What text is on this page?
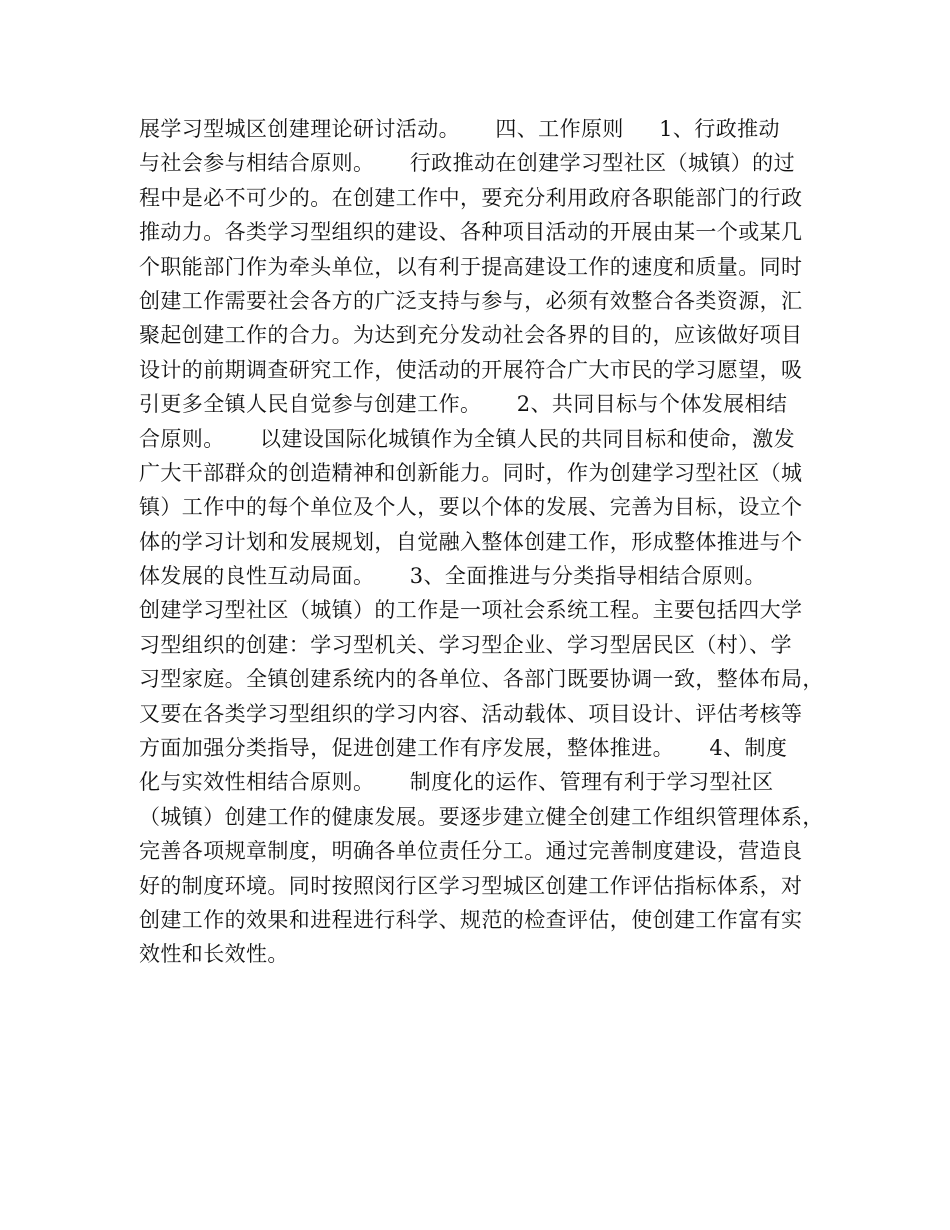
展学习型城区创建理论研讨活动。     四、工作原则     1、行政推动
与社会参与相结合原则。     行政推动在创建学习型社区（城镇）的过
程中是必不可少的。在创建工作中，要充分利用政府各职能部门的行政
推动力。各类学习型组织的建设、各种项目活动的开展由某一个或某几
个职能部门作为牵头单位，以有利于提高建设工作的速度和质量。同时
创建工作需要社会各方的广泛支持与参与，必须有效整合各类资源，汇
聚起创建工作的合力。为达到充分发动社会各界的目的，应该做好项目
设计的前期调查研究工作，使活动的开展符合广大市民的学习愿望，吸
引更多全镇人民自觉参与创建工作。     2、共同目标与个体发展相结
合原则。     以建设国际化城镇作为全镇人民的共同目标和使命，激发
广大干部群众的创造精神和创新能力。同时，作为创建学习型社区（城
镇）工作中的每个单位及个人，要以个体的发展、完善为目标，设立个
体的学习计划和发展规划，自觉融入整体创建工作，形成整体推进与个
体发展的良性互动局面。     3、全面推进与分类指导相结合原则。
创建学习型社区（城镇）的工作是一项社会系统工程。主要包括四大学
习型组织的创建：学习型机关、学习型企业、学习型居民区（村）、学
习型家庭。全镇创建系统内的各单位、各部门既要协调一致，整体布局，
又要在各类学习型组织的学习内容、活动载体、项目设计、评估考核等
方面加强分类指导，促进创建工作有序发展，整体推进。     4、制度
化与实效性相结合原则。     制度化的运作、管理有利于学习型社区
（城镇）创建工作的健康发展。要逐步建立健全创建工作组织管理体系，
完善各项规章制度，明确各单位责任分工。通过完善制度建设，营造良
好的制度环境。同时按照闵行区学习型城区创建工作评估指标体系，对
创建工作的效果和进程进行科学、规范的检查评估，使创建工作富有实
效性和长效性。
